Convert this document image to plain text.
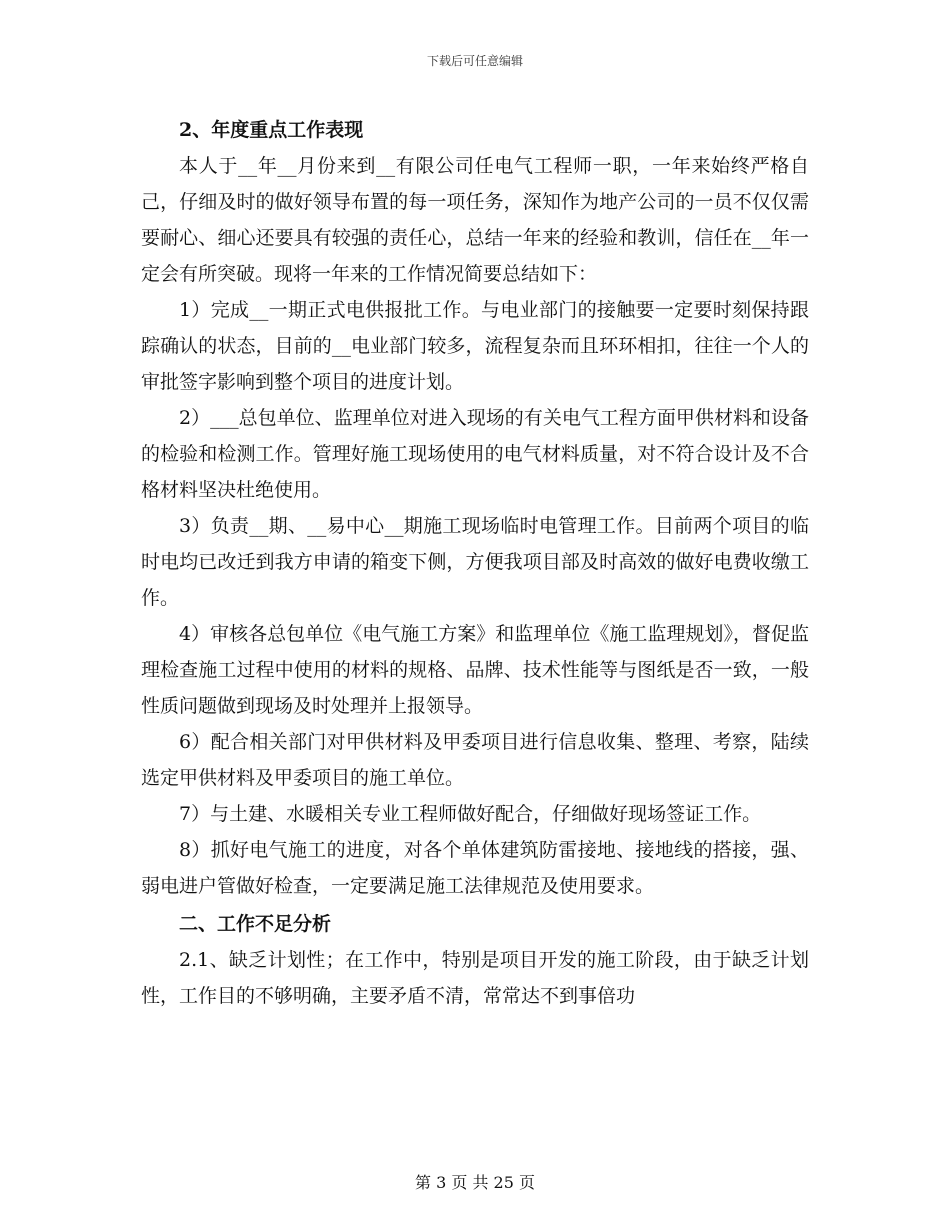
下载后可任意编辑

2、年度重点工作表现

本人于__年__月份来到__有限公司任电气工程师一职，一年来始终严格自己，仔细及时的做好领导布置的每一项任务，深知作为地产公司的一员不仅仅需要耐心、细心还要具有较强的责任心，总结一年来的经验和教训，信任在__年一定会有所突破。现将一年来的工作情况简要总结如下：

1）完成__一期正式电供报批工作。与电业部门的接触要一定要时刻保持跟踪确认的状态，目前的__电业部门较多，流程复杂而且环环相扣，往往一个人的审批签字影响到整个项目的进度计划。

2）___总包单位、监理单位对进入现场的有关电气工程方面甲供材料和设备的检验和检测工作。管理好施工现场使用的电气材料质量，对不符合设计及不合格材料坚决杜绝使用。

3）负责__期、__易中心__期施工现场临时电管理工作。目前两个项目的临时电均已改迁到我方申请的箱变下侧，方便我项目部及时高效的做好电费收缴工作。

4）审核各总包单位《电气施工方案》和监理单位《施工监理规划》，督促监理检查施工过程中使用的材料的规格、品牌、技术性能等与图纸是否一致，一般性质问题做到现场及时处理并上报领导。

6）配合相关部门对甲供材料及甲委项目进行信息收集、整理、考察，陆续选定甲供材料及甲委项目的施工单位。

7）与土建、水暖相关专业工程师做好配合，仔细做好现场签证工作。

8）抓好电气施工的进度，对各个单体建筑防雷接地、接地线的搭接，强、弱电进户管做好检查，一定要满足施工法律规范及使用要求。

二、工作不足分析

2.1、缺乏计划性；在工作中，特别是项目开发的施工阶段，由于缺乏计划性，工作目的不够明确，主要矛盾不清，常常达不到事倍功

第 3 页 共 25 页
